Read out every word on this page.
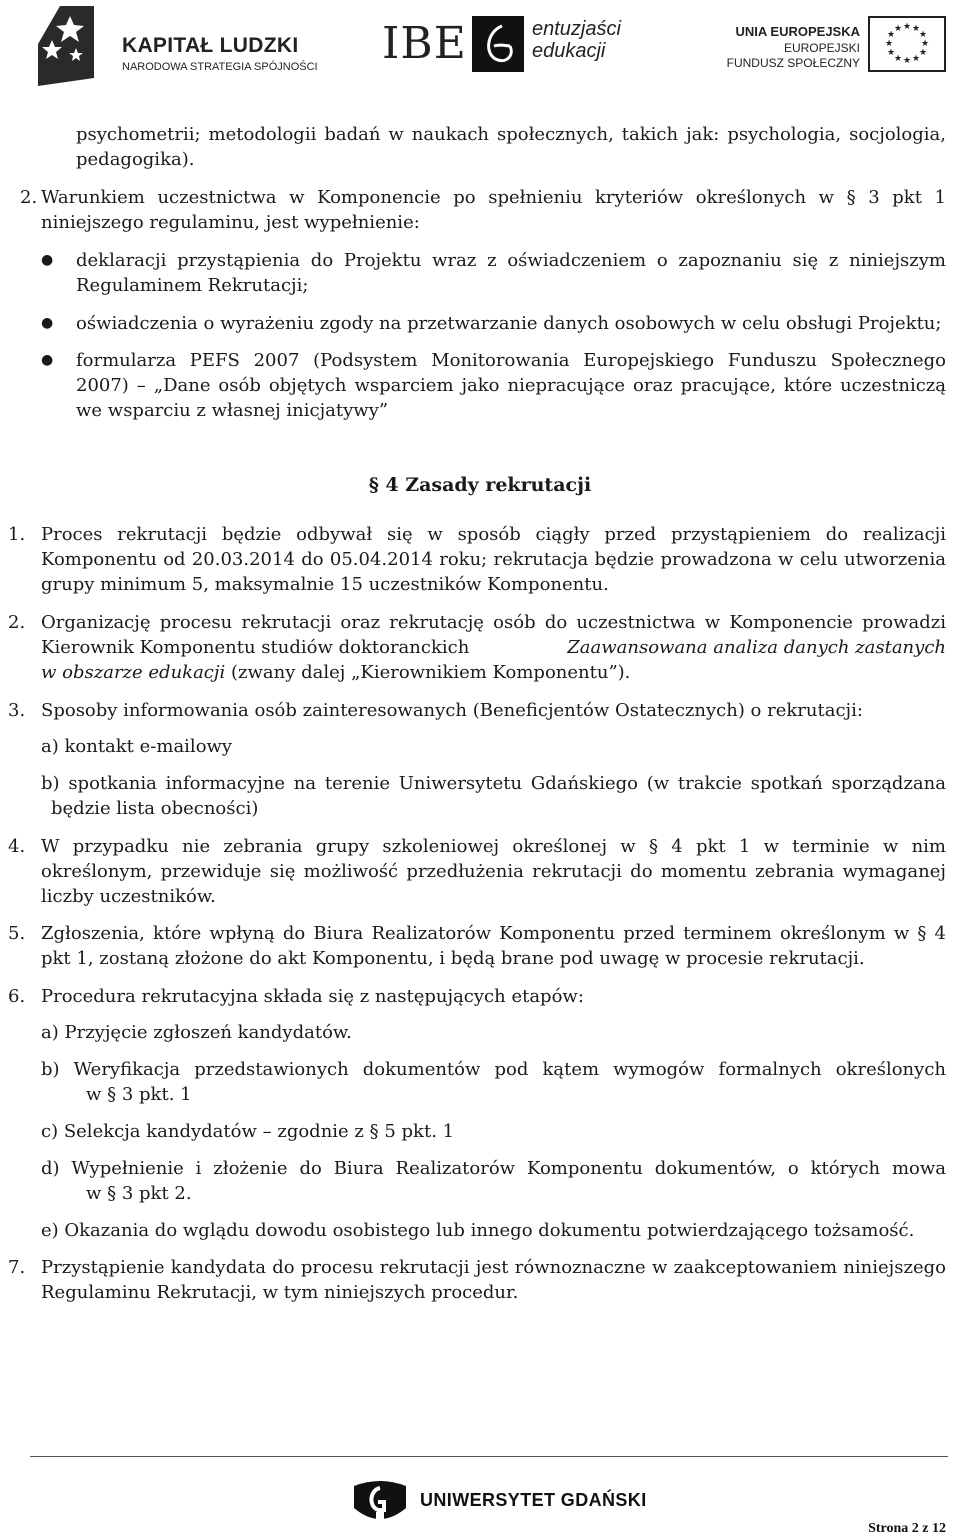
KAPITAŁ LUDZKI
NARODOWA STRATEGIA SPÓJNOŚCI IBE	entuzjaści
edukacji
UNIA EUROPEJSKA
EUROPEJSKI
FUNDUSZ SPOŁECZNY
★ ★
★
★
★
★
★
★
★
★
★
★
psychometrii; metodologii badań w naukach społecznych, takich jak: psychologia, socjologia,
pedagogika).
2. Warunkiem uczestnictwa w Komponencie po spełnieniu kryteriów określonych w § 3 pkt 1
niniejszego regulaminu, jest wypełnienie:
● deklaracji przystąpienia do Projektu wraz z oświadczeniem o zapoznaniu się z niniejszym
Regulaminem Rekrutacji;
● oświadczenia o wyrażeniu zgody na przetwarzanie danych osobowych w celu obsługi Projektu;
● formularza PEFS 2007 (Podsystem Monitorowania Europejskiego Funduszu Społecznego
2007) – „Dane osób objętych wsparciem jako niepracujące oraz pracujące, które uczestniczą
we wsparciu z własnej inicjatywy”
§ 4 Zasady rekrutacji
1. Proces rekrutacji będzie odbywał się w sposób ciągły przed przystąpieniem do realizacji
Komponentu od 20.03.2014 do 05.04.2014 roku; rekrutacja będzie prowadzona w celu utworzenia
grupy minimum 5, maksymalnie 15 uczestników Komponentu.
2. Organizację procesu rekrutacji oraz rekrutację osób do uczestnictwa w Komponencie prowadzi
Kierownik Komponentu studiów doktoranckich	Zaawansowana analiza danych zastanych
w obszarze edukacji (zwany dalej „Kierownikiem Komponentu”).
3. Sposoby informowania osób zainteresowanych (Beneficjentów Ostatecznych) o rekrutacji:
a) kontakt e-mailowy
b) spotkania informacyjne na terenie Uniwersytetu Gdańskiego (w trakcie spotkań sporządzana
będzie lista obecności)
4. W przypadku nie zebrania grupy szkoleniowej określonej w § 4 pkt 1 w terminie w nim
określonym, przewiduje się możliwość przedłużenia rekrutacji do momentu zebrania wymaganej
liczby uczestników.
5. Zgłoszenia, które wpłyną do Biura Realizatorów Komponentu przed terminem określonym w § 4
pkt 1, zostaną złożone do akt Komponentu, i będą brane pod uwagę w procesie rekrutacji.
6. Procedura rekrutacyjna składa się z następujących etapów:
a) Przyjęcie zgłoszeń kandydatów.
b) Weryfikacja przedstawionych dokumentów pod kątem wymogów formalnych określonych
w § 3 pkt. 1
c) Selekcja kandydatów – zgodnie z § 5 pkt. 1
d) Wypełnienie i złożenie do Biura Realizatorów Komponentu dokumentów, o których mowa
w § 3 pkt 2.
e) Okazania do wglądu dowodu osobistego lub innego dokumentu potwierdzającego tożsamość.
7. Przystąpienie kandydata do procesu rekrutacji jest równoznaczne w zaakceptowaniem niniejszego
Regulaminu Rekrutacji, w tym niniejszych procedur.
UNIWERSYTET GDAŃSKI
Strona 2 z 12
